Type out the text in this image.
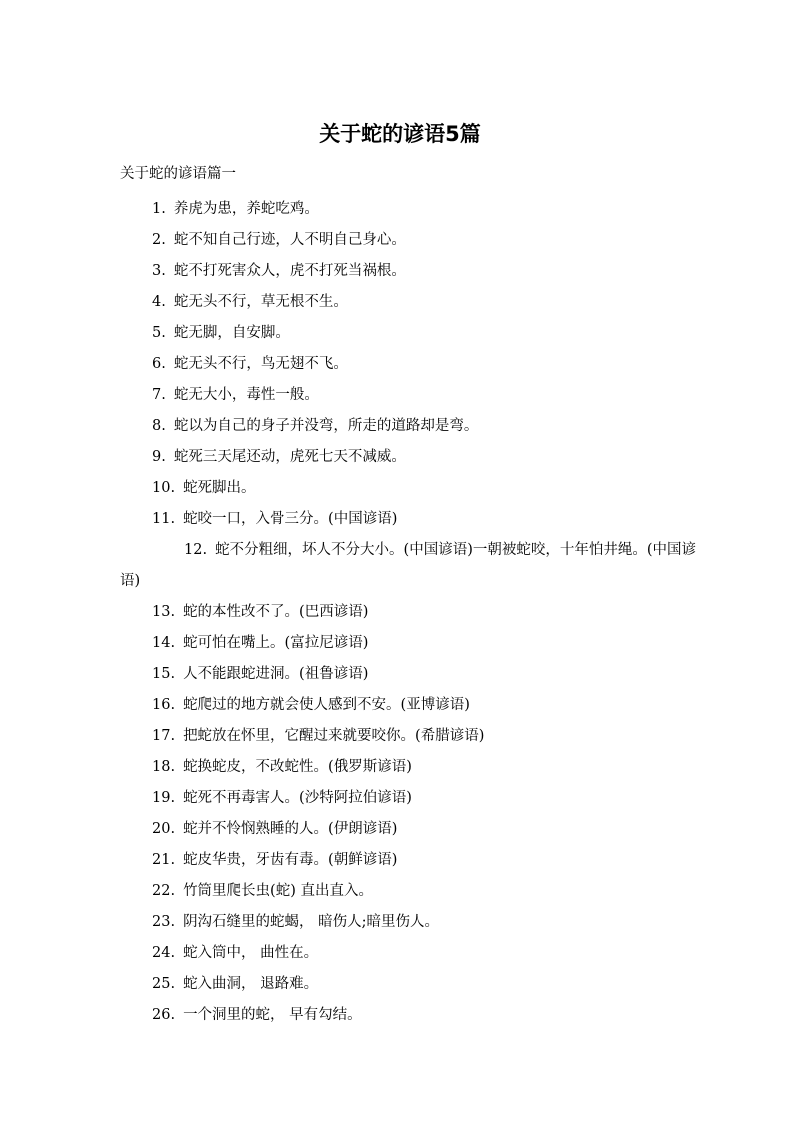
关于蛇的谚语5篇

关于蛇的谚语篇一

1. 养虎为患，养蛇吃鸡。
2. 蛇不知自己行迹，人不明自己身心。
3. 蛇不打死害众人，虎不打死当祸根。
4. 蛇无头不行，草无根不生。
5. 蛇无脚，自安脚。
6. 蛇无头不行，鸟无翅不飞。
7. 蛇无大小，毒性一般。
8. 蛇以为自己的身子并没弯，所走的道路却是弯。
9. 蛇死三天尾还动，虎死七天不减威。
10. 蛇死脚出。
11. 蛇咬一口，入骨三分。(中国谚语)
12. 蛇不分粗细，坏人不分大小。(中国谚语)一朝被蛇咬，十年怕井绳。(中国谚语)
13. 蛇的本性改不了。(巴西谚语)
14. 蛇可怕在嘴上。(富拉尼谚语)
15. 人不能跟蛇进洞。(祖鲁谚语)
16. 蛇爬过的地方就会使人感到不安。(亚博谚语)
17. 把蛇放在怀里，它醒过来就要咬你。(希腊谚语)
18. 蛇换蛇皮，不改蛇性。(俄罗斯谚语)
19. 蛇死不再毒害人。(沙特阿拉伯谚语)
20. 蛇并不怜悯熟睡的人。(伊朗谚语)
21. 蛇皮华贵，牙齿有毒。(朝鲜谚语)
22. 竹筒里爬长虫(蛇) 直出直入。
23. 阴沟石缝里的蛇蝎， 暗伤人;暗里伤人。
24. 蛇入筒中， 曲性在。
25. 蛇入曲洞， 退路难。
26. 一个洞里的蛇， 早有勾结。
